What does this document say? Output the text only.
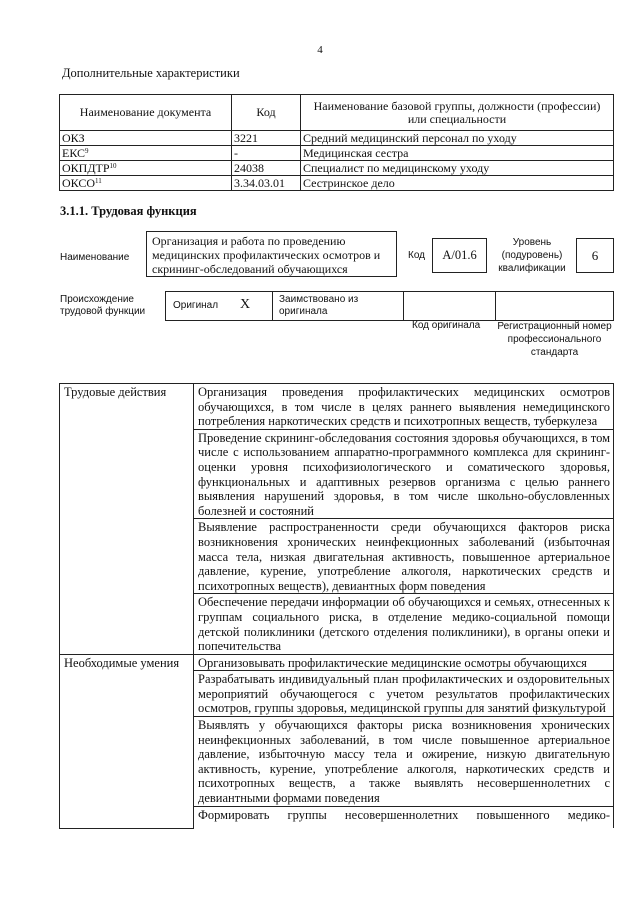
4
Дополнительные характеристики
Наименование документа	Код	Наименование базовой группы, должности (профессии) или специальности
ОКЗ	3221	Средний медицинский персонал по уходу
ЕКС$^9$	-	Медицинская сестра
ОКПДТР$^{10}$	24038	Специалист по медицинскому уходу
ОКСО$^{11}$	3.34.03.01	Сестринское дело
3.1.1. Трудовая функция
Наименование
Организация и работа по проведению медицинских профилактических осмотров и скрининг-обследований обучающихся
Код	А/01.6
Уровень (подуровень) квалификации
6
Происхождение трудовой функции
Оригинал X	Заимствовано из оригинала
Код оригинала Регистрационный номер профессионального стандарта
Трудовые действия	Организация проведения профилактических медицинских осмотров обучающихся, в том числе в целях раннего выявления немедицинского потребления наркотических средств и психотропных веществ, туберкулеза
	Проведение скрининг-обследования состояния здоровья обучающихся, в том числе с использованием аппаратно-программного комплекса для скрининг-оценки уровня психофизиологического и соматического здоровья, функциональных и адаптивных резервов организма с целью раннего выявления нарушений здоровья, в том числе школьно-обусловленных болезней и состояний
	Выявление распространенности среди обучающихся факторов риска возникновения хронических неинфекционных заболеваний (избыточная масса тела, низкая двигательная активность, повышенное артериальное давление, курение, употребление алкоголя, наркотических средств и психотропных веществ), девиантных форм поведения
	Обеспечение передачи информации об обучающихся и семьях, отнесенных к группам социального риска, в отделение медико-социальной помощи детской поликлиники (детского отделения поликлиники), в органы опеки и попечительства
Необходимые умения	Организовывать профилактические медицинские осмотры обучающихся
	Разрабатывать индивидуальный план профилактических и оздоровительных мероприятий обучающегося с учетом результатов профилактических осмотров, группы здоровья, медицинской группы для занятий физкультурой
	Выявлять у обучающихся факторы риска возникновения хронических неинфекционных заболеваний, в том числе повышенное артериальное давление, избыточную массу тела и ожирение, низкую двигательную активность, курение, употребление алкоголя, наркотических средств и психотропных веществ, а также выявлять несовершеннолетних с девиантными формами поведения
	Формировать группы несовершеннолетних повышенного медико-
